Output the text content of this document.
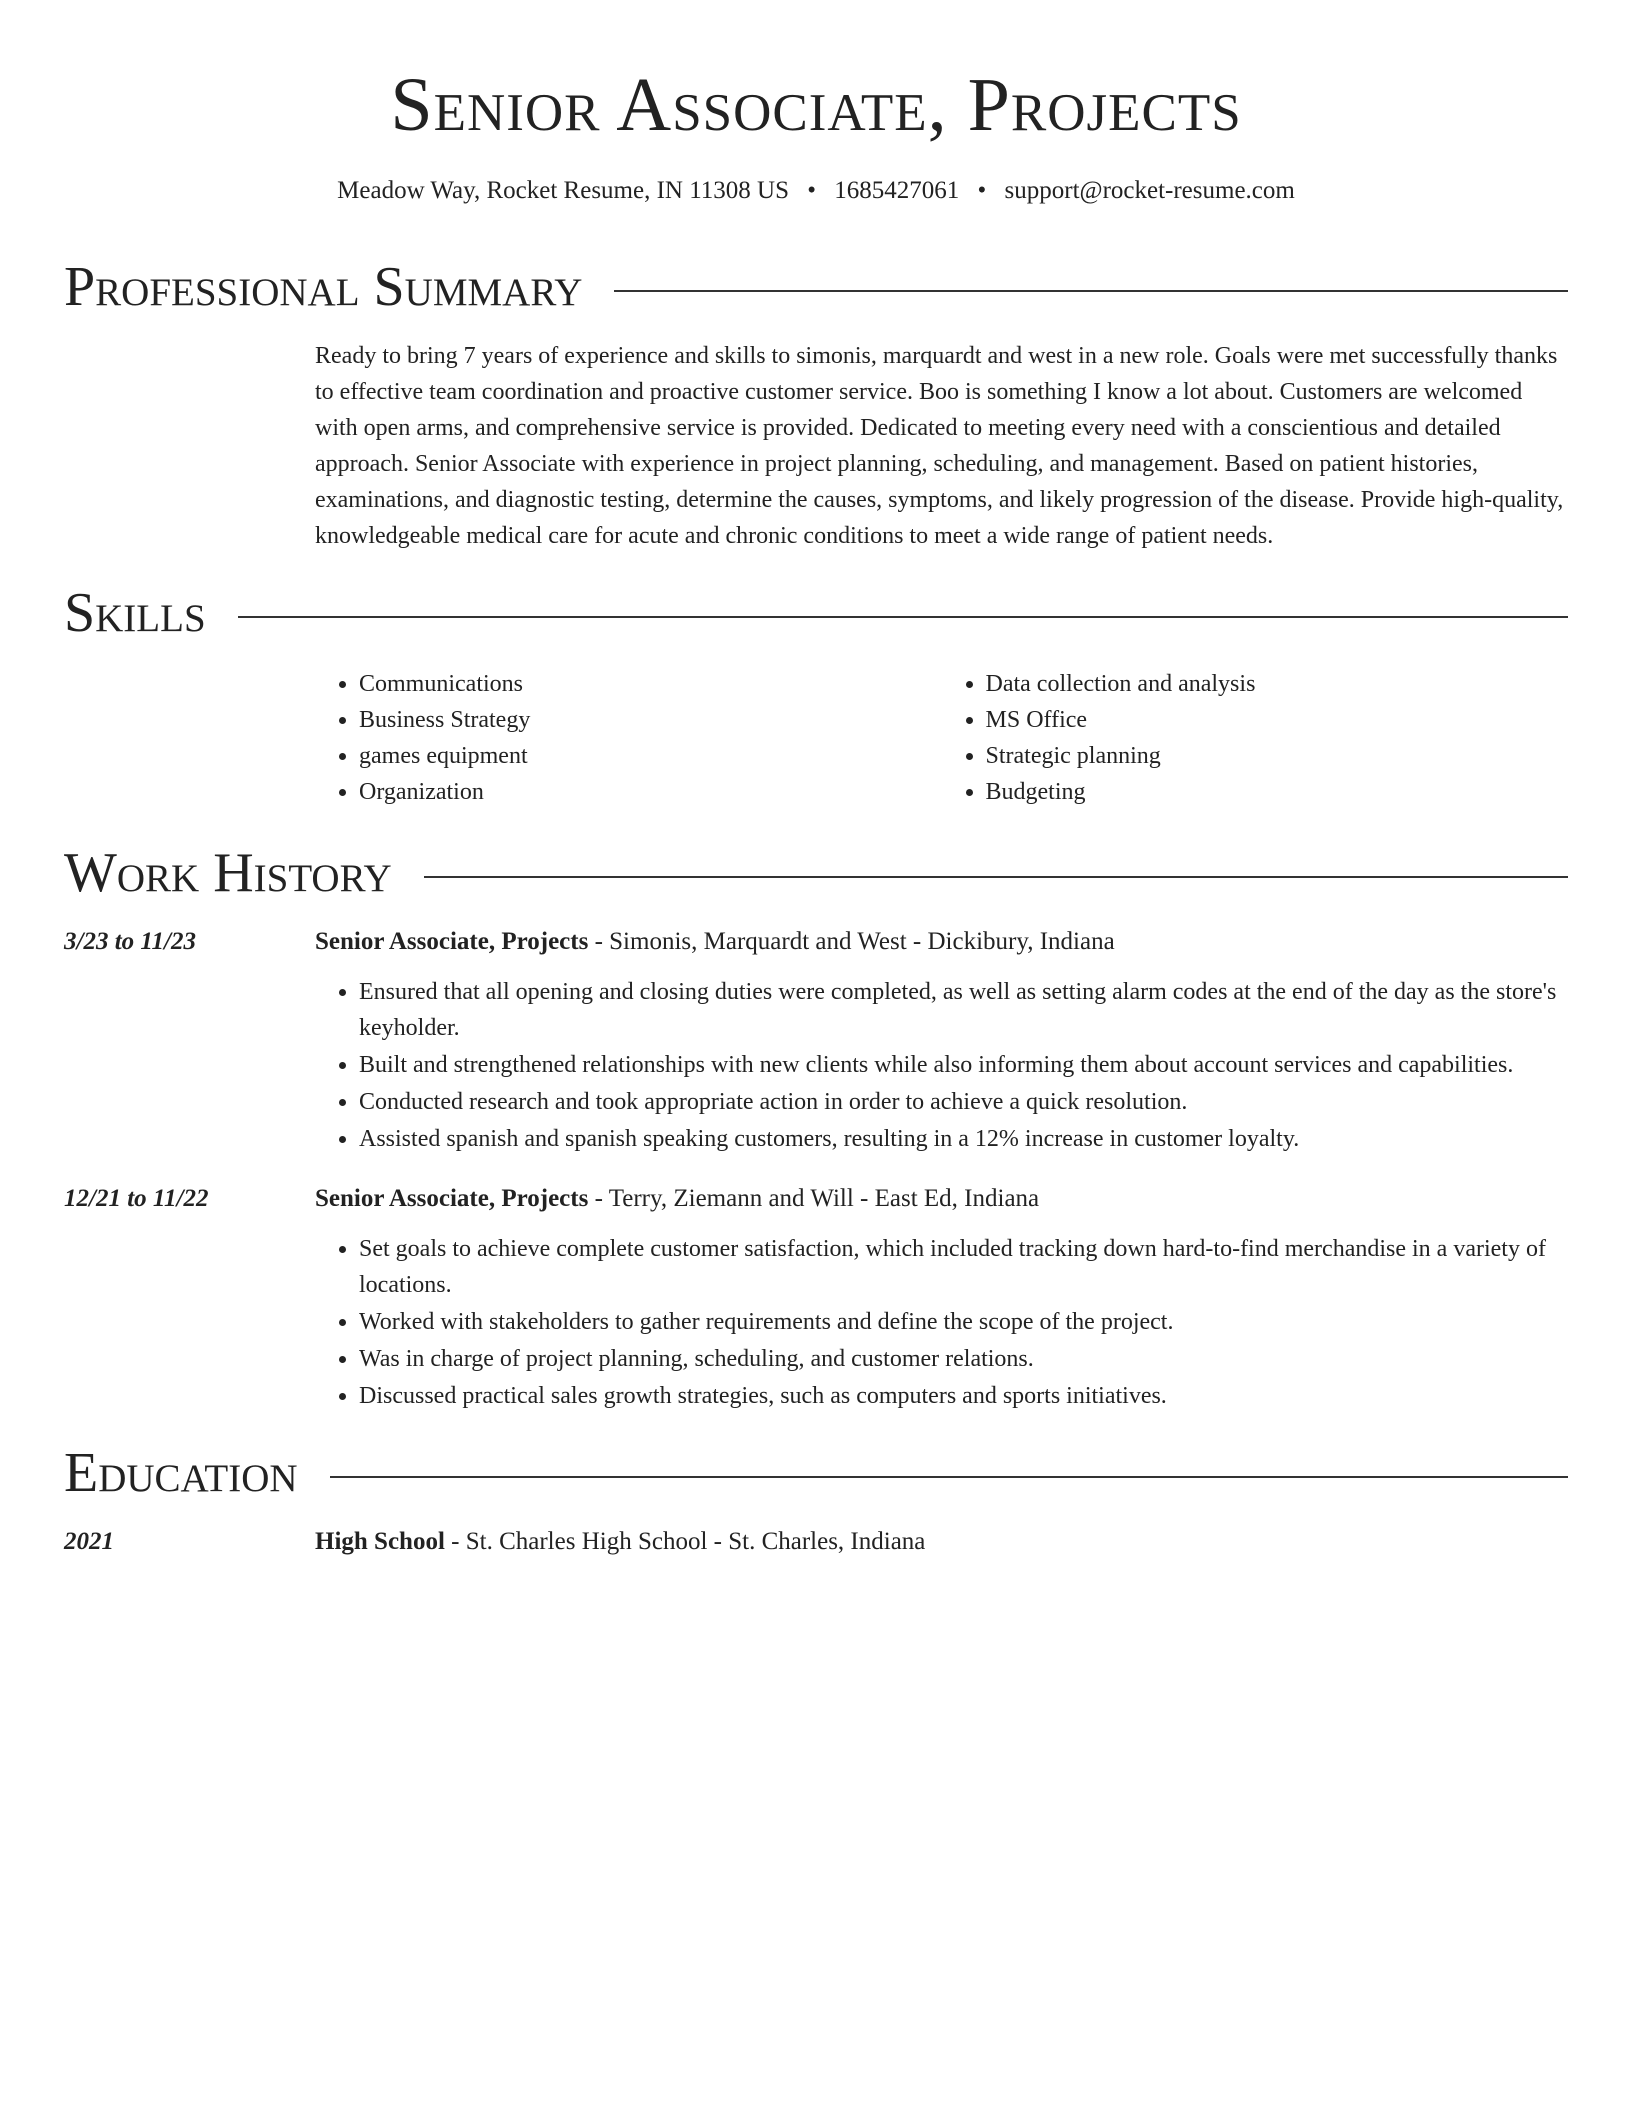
Senior Associate, Projects
Meadow Way, Rocket Resume, IN 11308 US • 1685427061 • support@rocket-resume.com
Professional Summary
Ready to bring 7 years of experience and skills to simonis, marquardt and west in a new role. Goals were met successfully thanks to effective team coordination and proactive customer service. Boo is something I know a lot about. Customers are welcomed with open arms, and comprehensive service is provided. Dedicated to meeting every need with a conscientious and detailed approach. Senior Associate with experience in project planning, scheduling, and management. Based on patient histories, examinations, and diagnostic testing, determine the causes, symptoms, and likely progression of the disease. Provide high-quality, knowledgeable medical care for acute and chronic conditions to meet a wide range of patient needs.
Skills
• Communications
• Business Strategy
• games equipment
• Organization
• Data collection and analysis
• MS Office
• Strategic planning
• Budgeting
Work History
3/23 to 11/23	Senior Associate, Projects - Simonis, Marquardt and West - Dickibury, Indiana
• Ensured that all opening and closing duties were completed, as well as setting alarm codes at the end of the day as the store's keyholder.
• Built and strengthened relationships with new clients while also informing them about account services and capabilities.
• Conducted research and took appropriate action in order to achieve a quick resolution.
• Assisted spanish and spanish speaking customers, resulting in a 12% increase in customer loyalty.
12/21 to 11/22	Senior Associate, Projects - Terry, Ziemann and Will - East Ed, Indiana
• Set goals to achieve complete customer satisfaction, which included tracking down hard-to-find merchandise in a variety of locations.
• Worked with stakeholders to gather requirements and define the scope of the project.
• Was in charge of project planning, scheduling, and customer relations.
• Discussed practical sales growth strategies, such as computers and sports initiatives.
Education
2021	High School - St. Charles High School - St. Charles, Indiana
